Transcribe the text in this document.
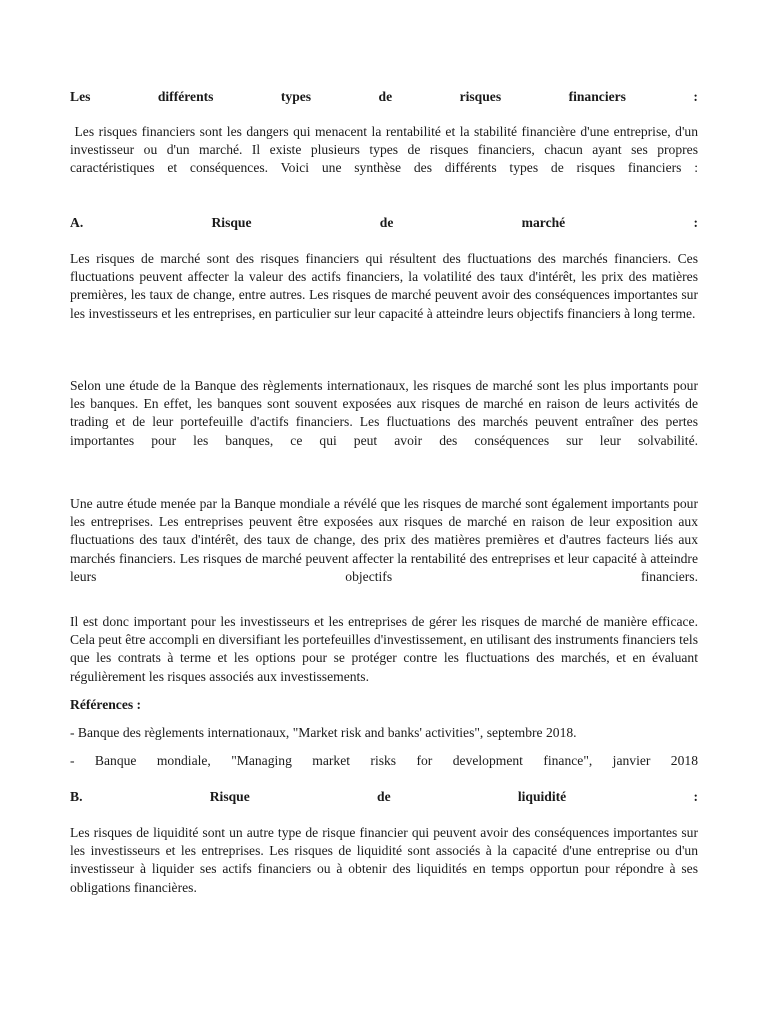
Les	différents	types	de	risques	financiers	:
Les risques financiers sont les dangers qui menacent la rentabilité et la stabilité financière d'une entreprise, d'un investisseur ou d'un marché. Il existe plusieurs types de risques financiers, chacun ayant ses propres caractéristiques et conséquences. Voici une synthèse des différents types de risques financiers :
A.	Risque	de	marché	:
Les risques de marché sont des risques financiers qui résultent des fluctuations des marchés financiers. Ces fluctuations peuvent affecter la valeur des actifs financiers, la volatilité des taux d'intérêt, les prix des matières premières, les taux de change, entre autres. Les risques de marché peuvent avoir des conséquences importantes sur les investisseurs et les entreprises, en particulier sur leur capacité à atteindre leurs objectifs financiers à long terme.
Selon une étude de la Banque des règlements internationaux, les risques de marché sont les plus importants pour les banques. En effet, les banques sont souvent exposées aux risques de marché en raison de leurs activités de trading et de leur portefeuille d'actifs financiers. Les fluctuations des marchés peuvent entraîner des pertes importantes pour les banques, ce qui peut avoir des conséquences sur leur solvabilité.
Une autre étude menée par la Banque mondiale a révélé que les risques de marché sont également importants pour les entreprises. Les entreprises peuvent être exposées aux risques de marché en raison de leur exposition aux fluctuations des taux d'intérêt, des taux de change, des prix des matières premières et d'autres facteurs liés aux marchés financiers. Les risques de marché peuvent affecter la rentabilité des entreprises et leur capacité à atteindre leurs objectifs financiers.
Il est donc important pour les investisseurs et les entreprises de gérer les risques de marché de manière efficace. Cela peut être accompli en diversifiant les portefeuilles d'investissement, en utilisant des instruments financiers tels que les contrats à terme et les options pour se protéger contre les fluctuations des marchés, et en évaluant régulièrement les risques associés aux investissements.
Références :
- Banque des règlements internationaux, "Market risk and banks' activities", septembre 2018.
- Banque mondiale, "Managing market risks for development finance", janvier 2018
B.	Risque	de	liquidité	:
Les risques de liquidité sont un autre type de risque financier qui peuvent avoir des conséquences importantes sur les investisseurs et les entreprises. Les risques de liquidité sont associés à la capacité d'une entreprise ou d'un investisseur à liquider ses actifs financiers ou à obtenir des liquidités en temps opportun pour répondre à ses obligations financières.
